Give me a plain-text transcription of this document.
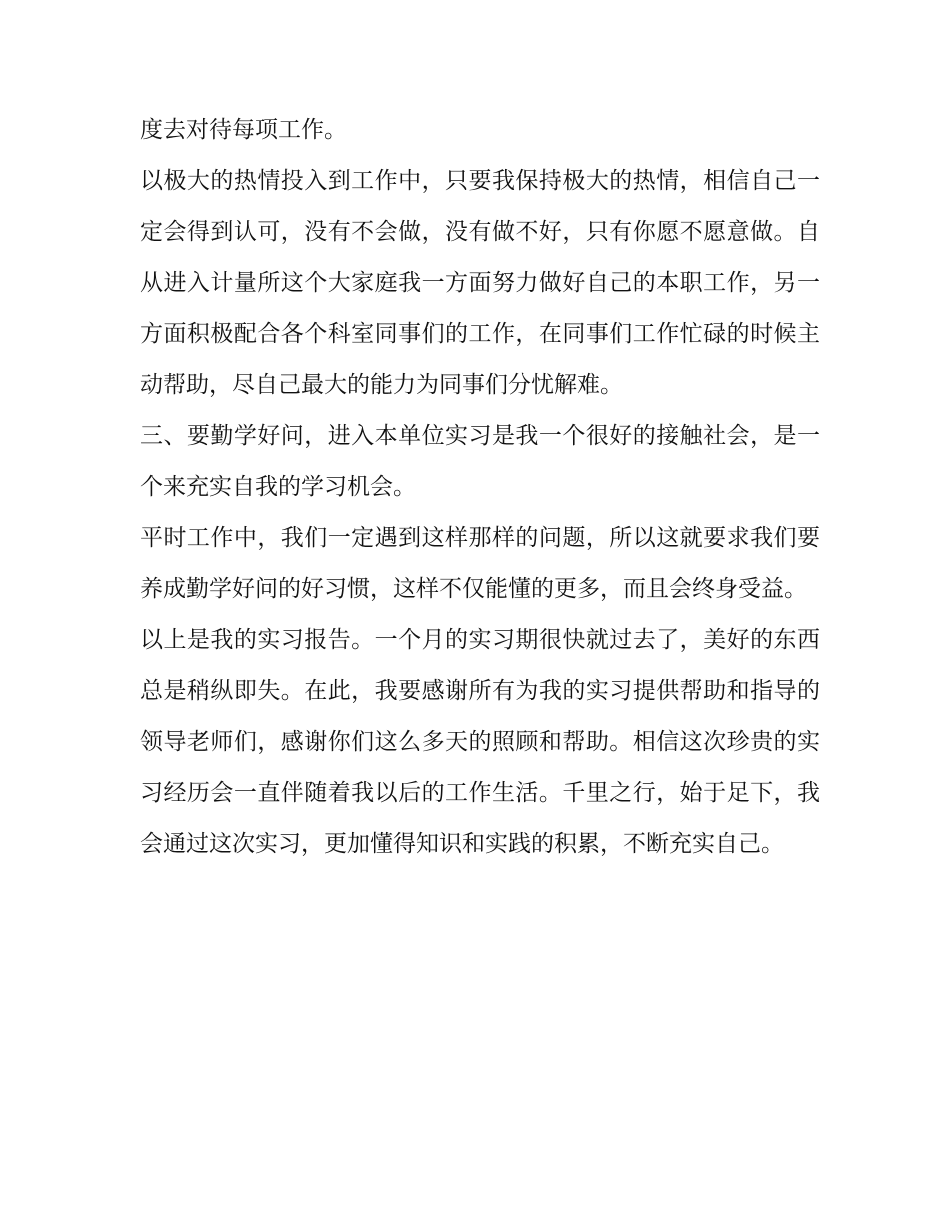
度去对待每项工作。

以极大的热情投入到工作中，只要我保持极大的热情，相信自己一定会得到认可，没有不会做，没有做不好，只有你愿不愿意做。自从进入计量所这个大家庭我一方面努力做好自己的本职工作，另一方面积极配合各个科室同事们的工作，在同事们工作忙碌的时候主动帮助，尽自己最大的能力为同事们分忧解难。

三、要勤学好问，进入本单位实习是我一个很好的接触社会，是一个来充实自我的学习机会。

平时工作中，我们一定遇到这样那样的问题，所以这就要求我们要养成勤学好问的好习惯，这样不仅能懂的更多，而且会终身受益。

以上是我的实习报告。一个月的实习期很快就过去了，美好的东西总是稍纵即失。在此，我要感谢所有为我的实习提供帮助和指导的领导老师们，感谢你们这么多天的照顾和帮助。相信这次珍贵的实习经历会一直伴随着我以后的工作生活。千里之行，始于足下，我会通过这次实习，更加懂得知识和实践的积累，不断充实自己。
